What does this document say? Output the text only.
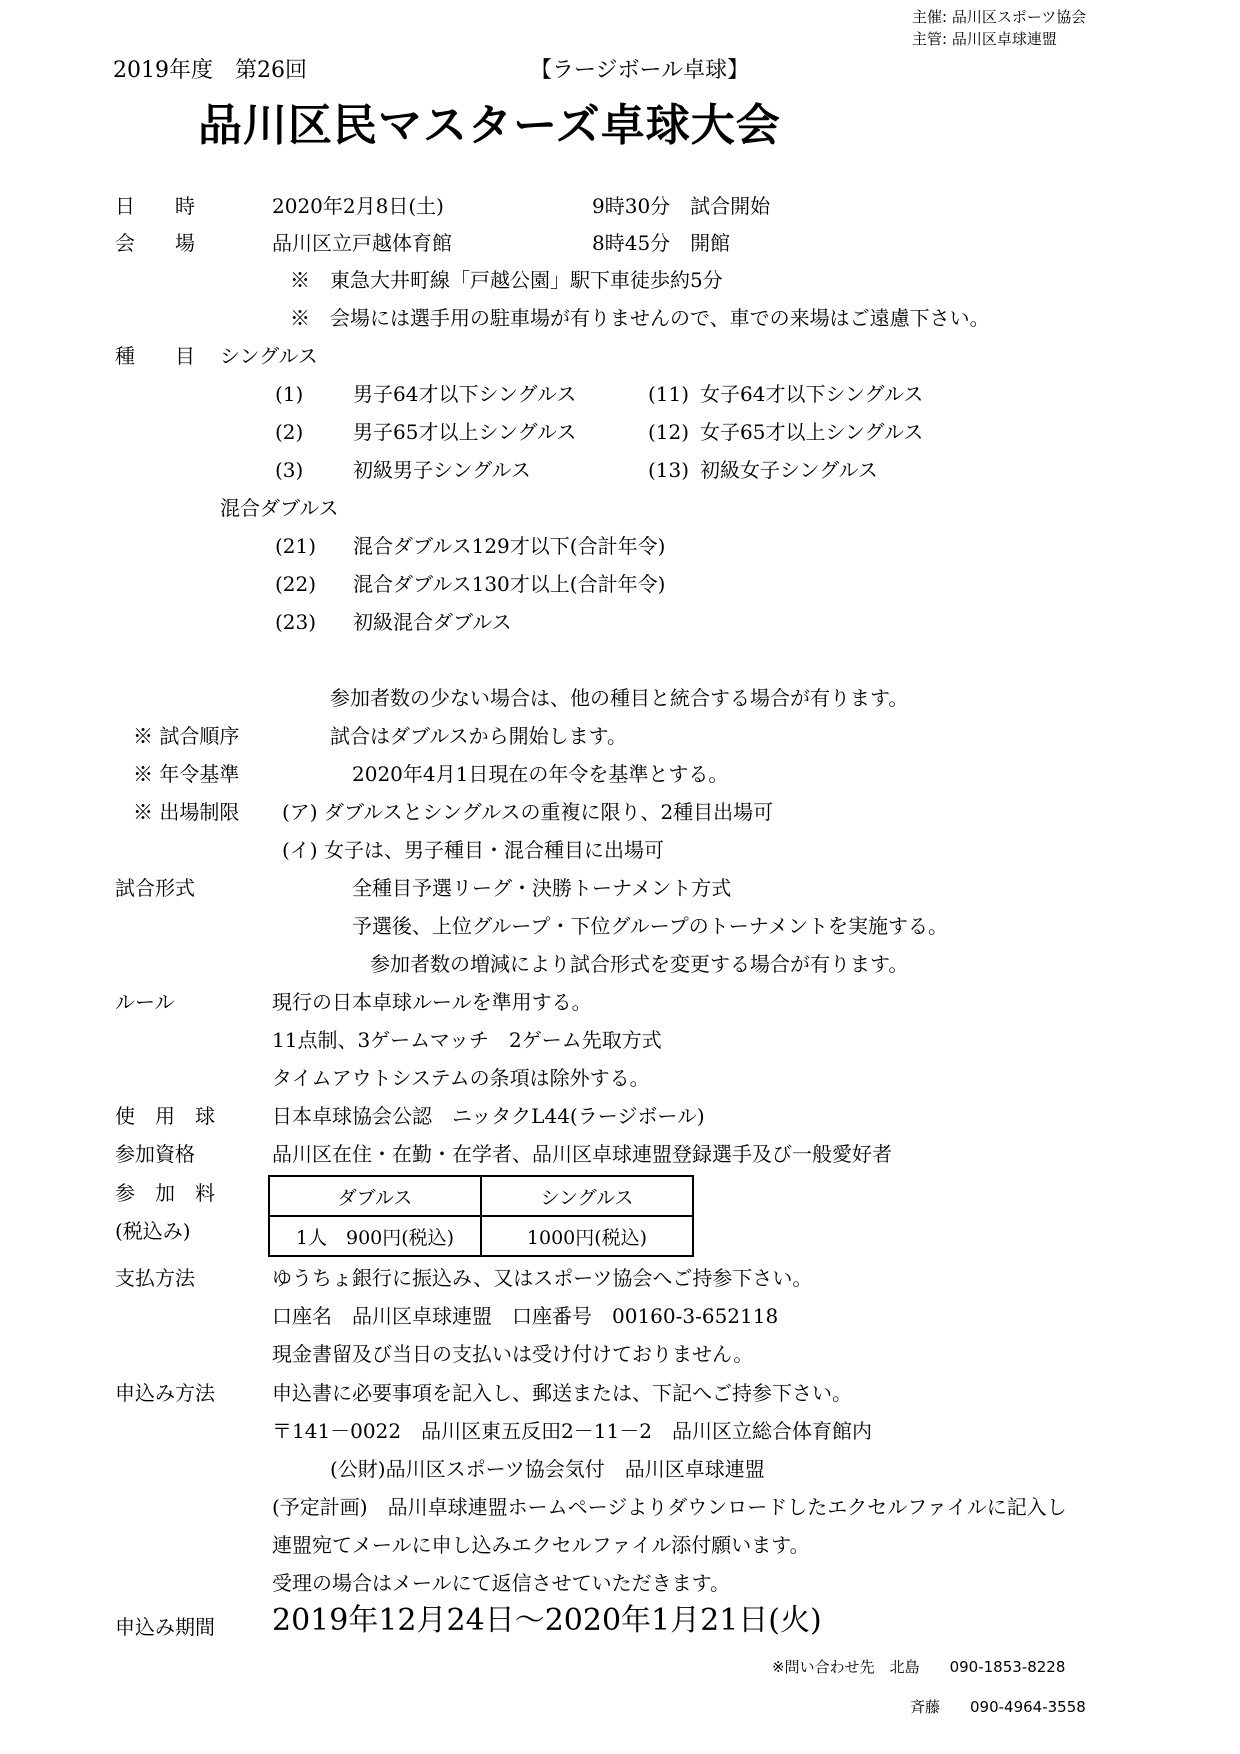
主催: 品川区スポーツ協会
主管: 品川区卓球連盟
2019年度　第26回	【ラージボール卓球】
品川区民マスターズ卓球大会
日　　時	2020年2月8日(土)	9時30分　試合開始
会　　場	品川区立戸越体育館	8時45分　開館
※　東急大井町線「戸越公園」駅下車徒歩約5分
※　会場には選手用の駐車場が有りませんので、車での来場はご遠慮下さい。
種　　目 シングルス
(1) 男子64才以下シングルス	(11) 女子64才以下シングルス
(2) 男子65才以上シングルス	(12) 女子65才以上シングルス
(3) 初級男子シングルス	(13) 初級女子シングルス
混合ダブルス
(21) 混合ダブルス129才以下(合計年令)
(22) 混合ダブルス130才以上(合計年令)
(23) 初級混合ダブルス
参加者数の少ない場合は、他の種目と統合する場合が有ります。
※ 試合順序	試合はダブルスから開始します。
※ 年令基準	2020年4月1日現在の年令を基準とする。
※ 出場制限 (ア) ダブルスとシングルスの重複に限り、2種目出場可
(イ) 女子は、男子種目・混合種目に出場可
試合形式	全種目予選リーグ・決勝トーナメント方式
予選後、上位グループ・下位グループのトーナメントを実施する。
参加者数の増減により試合形式を変更する場合が有ります。
ルール	現行の日本卓球ルールを準用する。
11点制、3ゲームマッチ　2ゲーム先取方式
タイムアウトシステムの条項は除外する。
使　用　球	日本卓球協会公認　ニッタクL44(ラージボール)
参加資格	品川区在住・在勤・在学者、品川区卓球連盟登録選手及び一般愛好者
参　加　料
(税込み)
ダブルス	シングルス
1人　900円(税込)	1000円(税込)
支払方法	ゆうちょ銀行に振込み、又はスポーツ協会へご持参下さい。
口座名　品川区卓球連盟　口座番号　00160-3-652118
現金書留及び当日の支払いは受け付けておりません。
申込み方法	申込書に必要事項を記入し、郵送または、下記へご持参下さい。
〒141－0022　品川区東五反田2－11－2　品川区立総合体育館内
(公財)品川区スポーツ協会気付　品川区卓球連盟
(予定計画)　品川卓球連盟ホームページよりダウンロードしたエクセルファイルに記入し
連盟宛てメールに申し込みエクセルファイル添付願います。
受理の場合はメールにて返信させていただきます。
申込み期間 2019年12月24日～2020年1月21日(火)
※問い合わせ先　北島　　090-1853-8228
斉藤　　090-4964-3558
